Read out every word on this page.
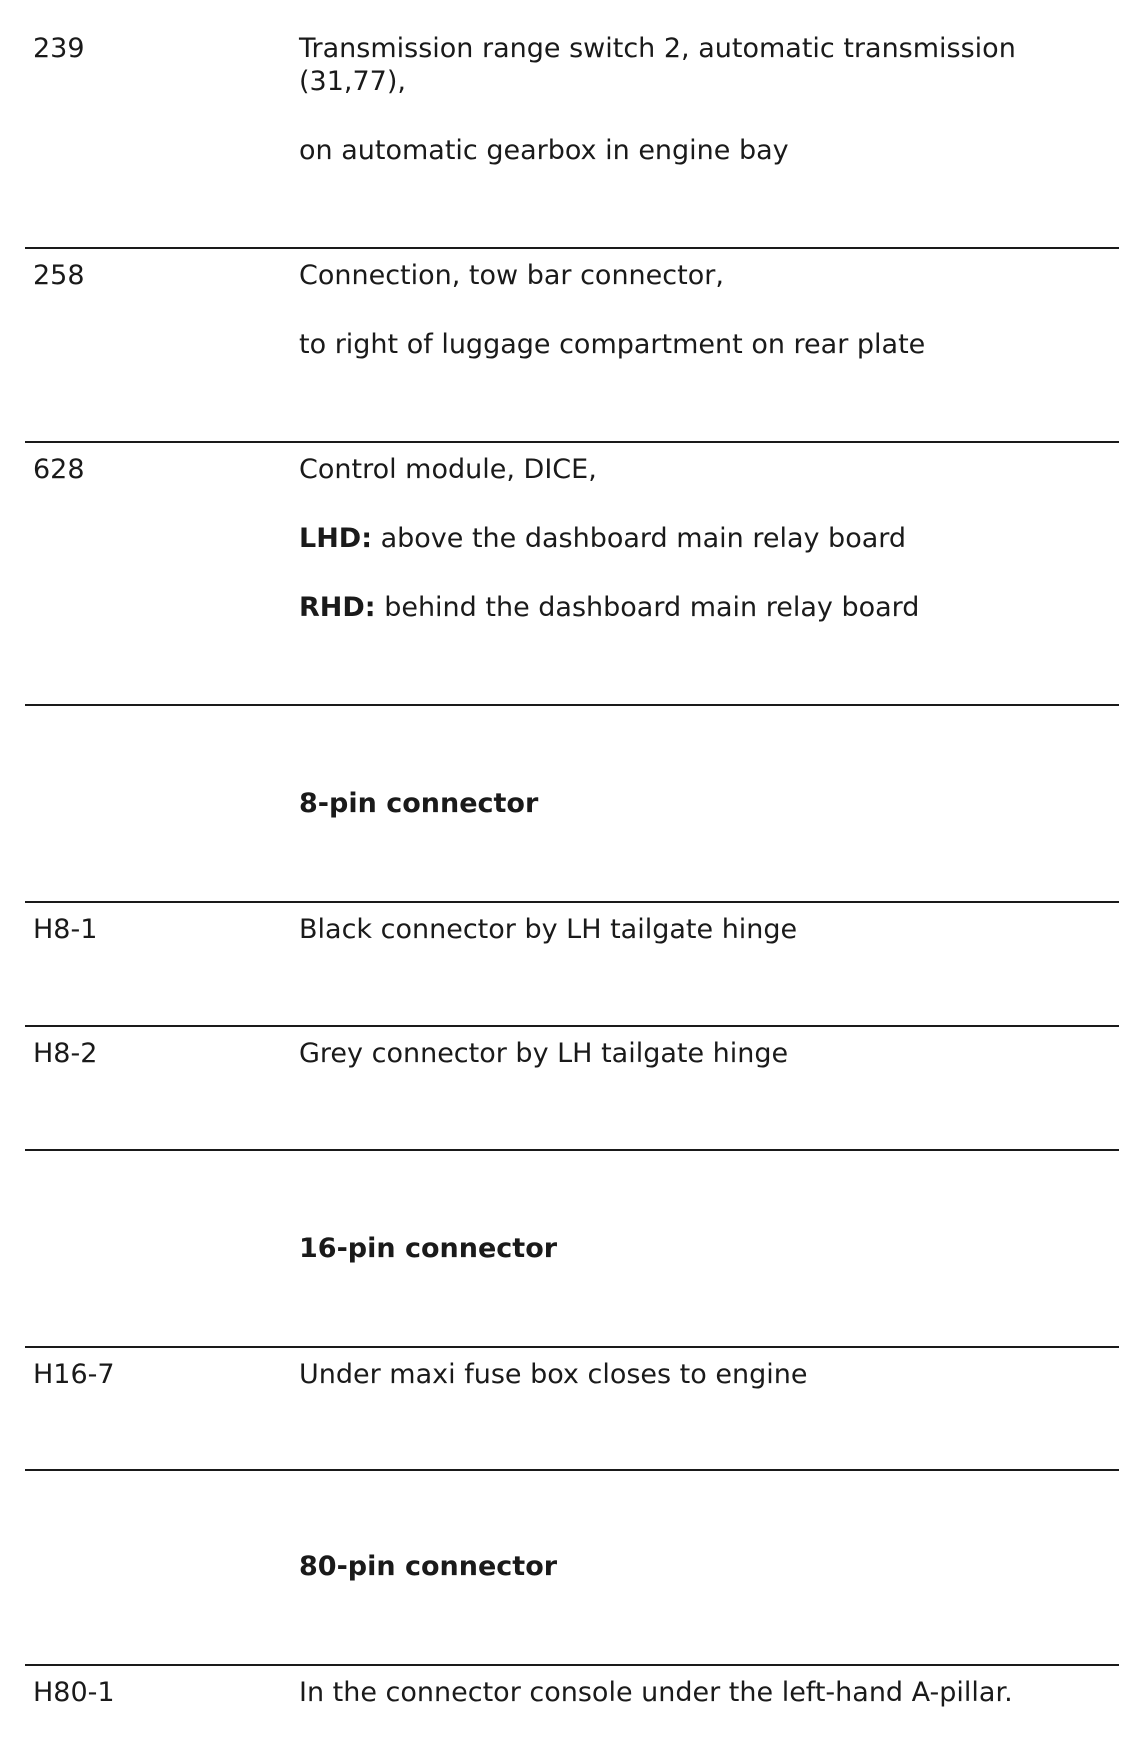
239	Transmission range switch 2, automatic transmission
(31,77),
on automatic gearbox in engine bay
258	Connection, tow bar connector,
to right of luggage compartment on rear plate
628	Control module, DICE,
LHD: above the dashboard main relay board
RHD: behind the dashboard main relay board
8-pin connector
H8-1	Black connector by LH tailgate hinge
H8-2	Grey connector by LH tailgate hinge
16-pin connector
H16-7	Under maxi fuse box closes to engine
80-pin connector
H80-1	In the connector console under the left-hand A-pillar.
